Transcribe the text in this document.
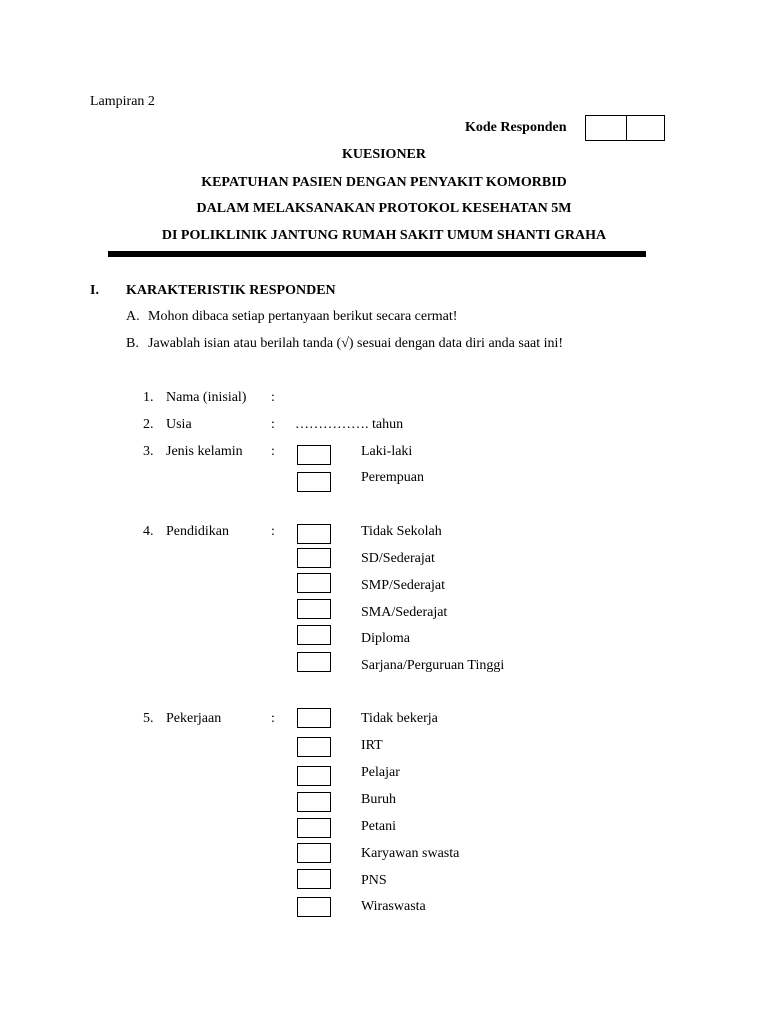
Lampiran 2
Kode Responden
KUESIONER
KEPATUHAN PASIEN DENGAN PENYAKIT KOMORBID
DALAM MELAKSANAKAN PROTOKOL KESEHATAN 5M
DI POLIKLINIK JANTUNG RUMAH SAKIT UMUM SHANTI GRAHA
I. KARAKTERISTIK RESPONDEN
A. Mohon dibaca setiap pertanyaan berikut secara cermat!
B. Jawablah isian atau berilah tanda (√) sesuai dengan data diri anda saat ini!
1. Nama (inisial) :
2. Usia	: ……………. tahun
3. Jenis kelamin :	Laki-laki
Perempuan
4. Pendidikan	:	Tidak Sekolah
SD/Sederajat
SMP/Sederajat
SMA/Sederajat
Diploma
Sarjana/Perguruan Tinggi
5. Pekerjaan	:	Tidak bekerja
IRT
Pelajar
Buruh
Petani
Karyawan swasta
PNS
Wiraswasta
